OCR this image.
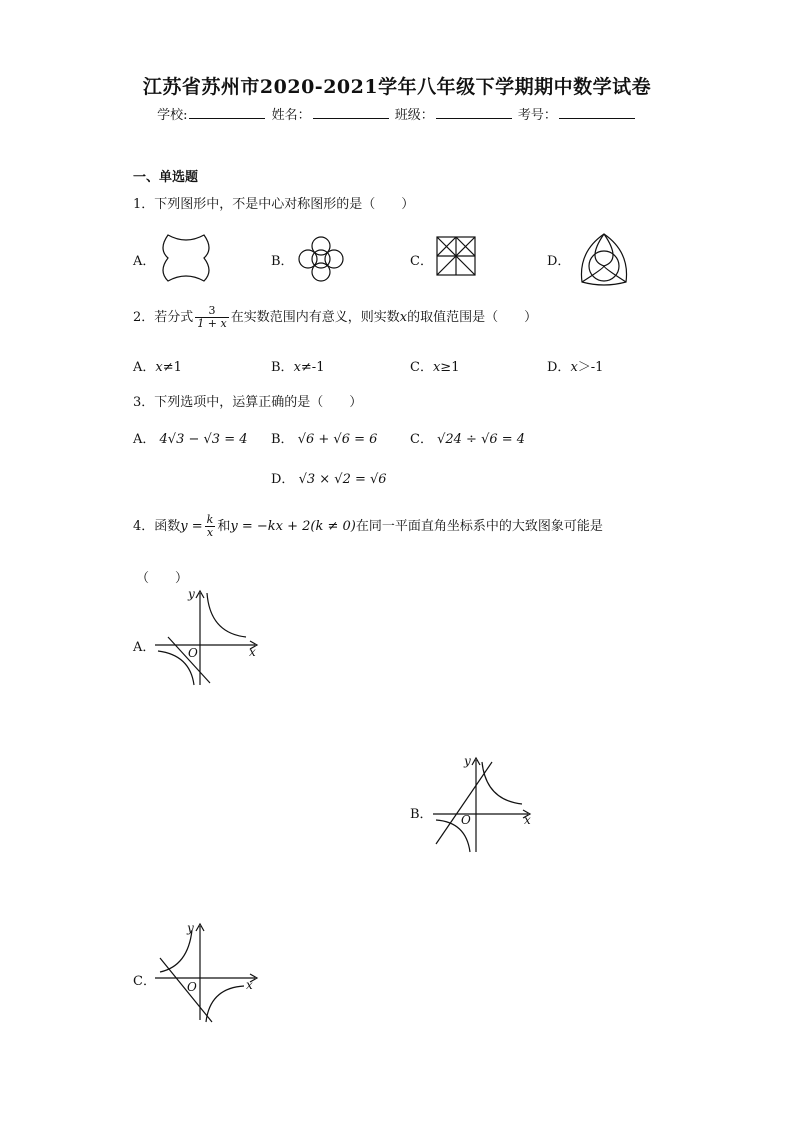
江苏省苏州市2020-2021学年八年级下学期期中数学试卷
学校:	姓名：	班级：	考号：
一、单选题
1．下列图形中，不是中心对称图形的是（　　）
A．	B．	C．	D．
2．若分式 $\frac{3}{1 + x}$ 在实数范围内有意义，则实数x的取值范围是（　　）
A．x≠1	B．x≠-1	C．x≥1	D．x＞-1
3．下列选项中，运算正确的是（　　）
A． 4√3 − √3 = 4 B． √6 + √6 = 6	C． √24 ÷ √6 = 4
D． √3 × √2 = √6
4．函数$y = \frac{k}{x}$ 和y = −kx + 2(k ≠ 0)在同一平面直角坐标系中的大致图象可能是
（　　）
A．
y
x
O
B．
y
x
O
C．
y
x
O
